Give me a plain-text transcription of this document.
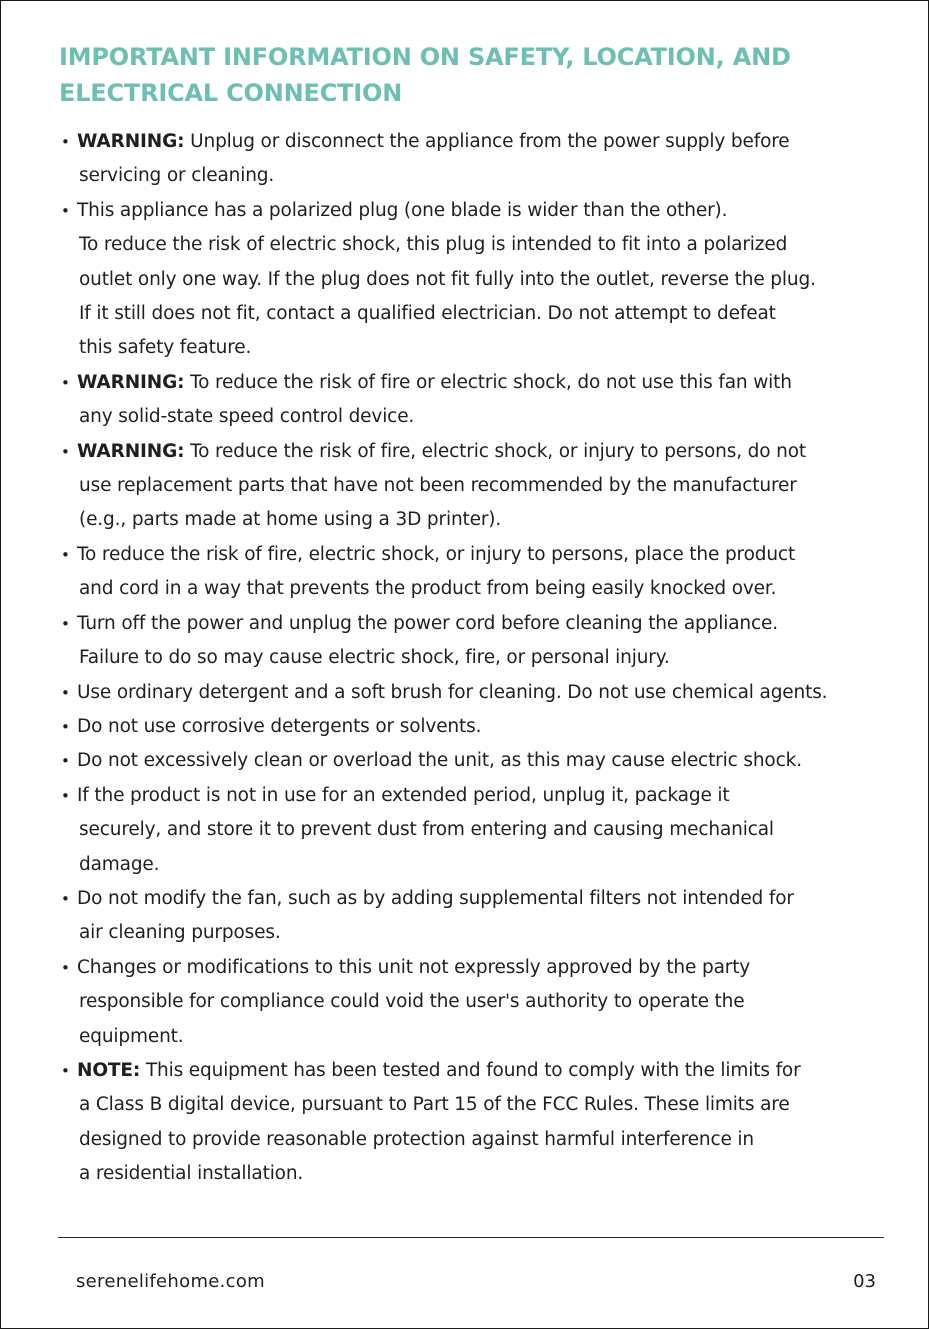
IMPORTANT INFORMATION ON SAFETY, LOCATION, AND
ELECTRICAL CONNECTION
• WARNING: Unplug or disconnect the appliance from the power supply before
servicing or cleaning.
• This appliance has a polarized plug (one blade is wider than the other).
To reduce the risk of electric shock, this plug is intended to fit into a polarized
outlet only one way. If the plug does not fit fully into the outlet, reverse the plug.
If it still does not fit, contact a qualified electrician. Do not attempt to defeat
this safety feature.
• WARNING: To reduce the risk of fire or electric shock, do not use this fan with
any solid-state speed control device.
• WARNING: To reduce the risk of fire, electric shock, or injury to persons, do not
use replacement parts that have not been recommended by the manufacturer
(e.g., parts made at home using a 3D printer).
• To reduce the risk of fire, electric shock, or injury to persons, place the product
and cord in a way that prevents the product from being easily knocked over.
• Turn off the power and unplug the power cord before cleaning the appliance.
Failure to do so may cause electric shock, fire, or personal injury.
• Use ordinary detergent and a soft brush for cleaning. Do not use chemical agents.
• Do not use corrosive detergents or solvents.
• Do not excessively clean or overload the unit, as this may cause electric shock.
• If the product is not in use for an extended period, unplug it, package it
securely, and store it to prevent dust from entering and causing mechanical
damage.
• Do not modify the fan, such as by adding supplemental filters not intended for
air cleaning purposes.
• Changes or modifications to this unit not expressly approved by the party
responsible for compliance could void the user's authority to operate the
equipment.
• NOTE: This equipment has been tested and found to comply with the limits for
a Class B digital device, pursuant to Part 15 of the FCC Rules. These limits are
designed to provide reasonable protection against harmful interference in
a residential installation.
serenelifehome.com	03
